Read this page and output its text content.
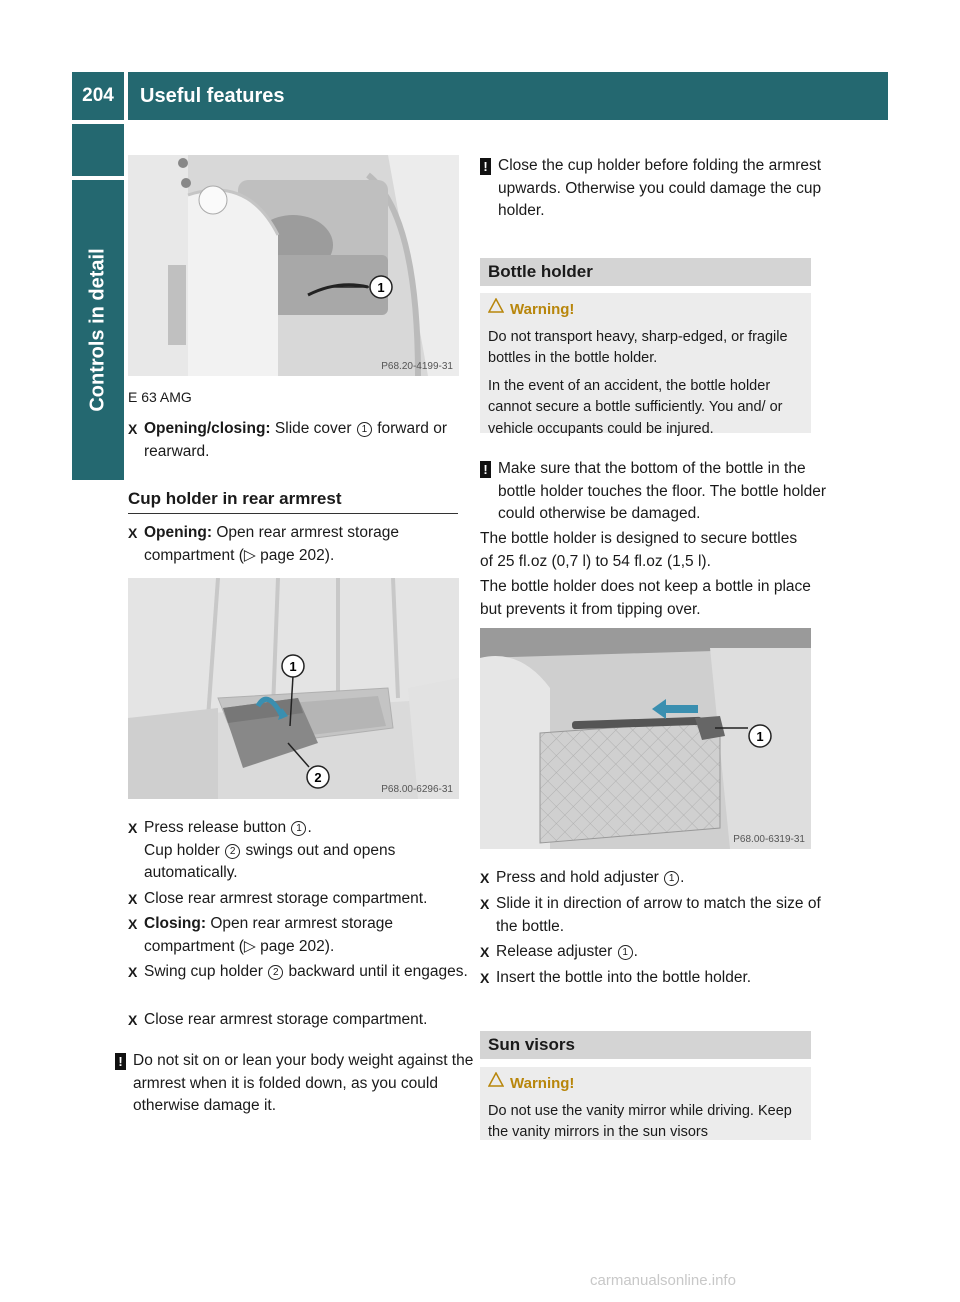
204	Useful features
Controls in detail	1
P68.20-4199-31
E 63 AMG
X Opening/closing: Slide cover 1 forward or rearward.
Cup holder in rear armrest
X Opening: Open rear armrest storage compartment (▷ page 202).
1
2
P68.00-6296-31
X Press release button 1 .
Cup holder 2 swings out and opens automatically.
X Close rear armrest storage compartment.
X Closing: Open rear armrest storage compartment (▷ page 202).
X Swing cup holder 2 backward until it engages.
X Close rear armrest storage compartment.
! Do not sit on or lean your body weight against the armrest when it is folded down, as you could otherwise damage it.
! Close the cup holder before folding the armrest upwards. Otherwise you could damage the cup holder.
Bottle holder
Warning!

Do not transport heavy, sharp-edged, or fragile bottles in the bottle holder.

In the event of an accident, the bottle holder cannot secure a bottle sufficiently. You and/ or vehicle occupants could be injured.

! Make sure that the bottom of the bottle in the bottle holder touches the floor. The bottle holder could otherwise be damaged.
The bottle holder is designed to secure bottles of 25 fl.oz (0,7 l) to 54 fl.oz (1,5 l).
The bottle holder does not keep a bottle in place but prevents it from tipping over.
1
P68.00-6319-31
X Press and hold adjuster 1 .
X Slide it in direction of arrow to match the size of the bottle.
X Release adjuster 1 .
X Insert the bottle into the bottle holder.
Sun visors
Warning!

Do not use the vanity mirror while driving. Keep the vanity mirrors in the sun visors

carmanualsonline.info
